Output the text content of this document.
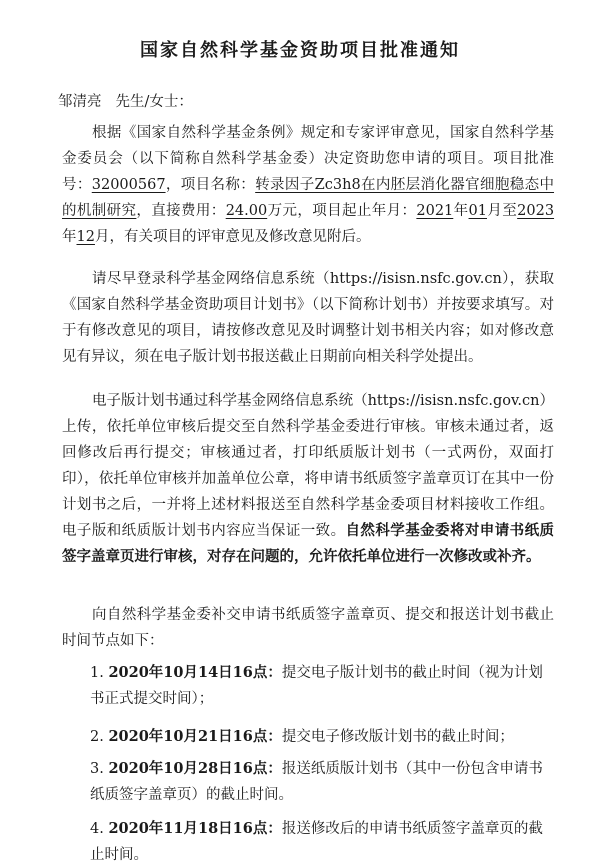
国家自然科学基金资助项目批准通知
邹清亮 先生/女士：
根据《国家自然科学基金条例》规定和专家评审意见，国家自然科学基金委员会（以下简称自然科学基金委）决定资助您申请的项目。项目批准号：32000567，项目名称：转录因子Zc3h8在内胚层消化器官细胞稳态中的机制研究，直接费用：24.00万元，项目起止年月：2021年01月至2023年12月，有关项目的评审意见及修改意见附后。
请尽早登录科学基金网络信息系统（https://isisn.nsfc.gov.cn），获取《国家自然科学基金资助项目计划书》（以下简称计划书）并按要求填写。对于有修改意见的项目，请按修改意见及时调整计划书相关内容；如对修改意见有异议，须在电子版计划书报送截止日期前向相关科学处提出。
电子版计划书通过科学基金网络信息系统（https://isisn.nsfc.gov.cn）上传，依托单位审核后提交至自然科学基金委进行审核。审核未通过者，返回修改后再行提交；审核通过者，打印纸质版计划书（一式两份，双面打印），依托单位审核并加盖单位公章，将申请书纸质签字盖章页订在其中一份计划书之后，一并将上述材料报送至自然科学基金委项目材料接收工作组。电子版和纸质版计划书内容应当保证一致。自然科学基金委将对申请书纸质签字盖章页进行审核，对存在问题的，允许依托单位进行一次修改或补齐。
向自然科学基金委补交申请书纸质签字盖章页、提交和报送计划书截止时间节点如下：
1. 2020年10月14日16点：提交电子版计划书的截止时间（视为计划书正式提交时间）；
2. 2020年10月21日16点：提交电子修改版计划书的截止时间；
3. 2020年10月28日16点：报送纸质版计划书（其中一份包含申请书纸质签字盖章页）的截止时间。
4. 2020年11月18日16点：报送修改后的申请书纸质签字盖章页的截止时间。
